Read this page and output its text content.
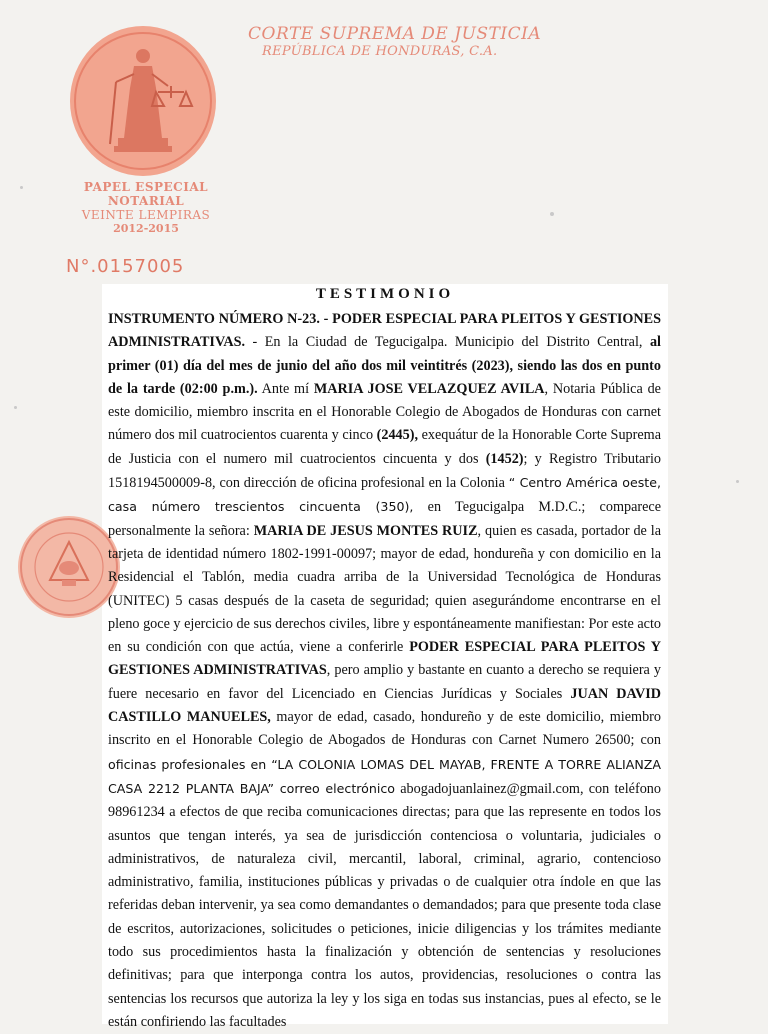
CORTE SUPREMA DE JUSTICIA
REPÚBLICA DE HONDURAS, C.A.
PAPEL ESPECIAL
NOTARIAL
VEINTE LEMPIRAS
2012-2015
N°.0157005
TESTIMONIO
INSTRUMENTO NÚMERO N-23. - PODER ESPECIAL PARA PLEITOS Y GESTIONES ADMINISTRATIVAS. - En la Ciudad de Tegucigalpa. Municipio del Distrito Central, al primer (01) día del mes de junio del año dos mil veintitrés (2023), siendo las dos en punto de la tarde (02:00 p.m.). Ante mí MARIA JOSE VELAZQUEZ AVILA, Notaria Pública de este domicilio, miembro inscrita en el Honorable Colegio de Abogados de Honduras con carnet número dos mil cuatrocientos cuarenta y cinco (2445), exequátur de la Honorable Corte Suprema de Justicia con el numero mil cuatrocientos cincuenta y dos (1452); y Registro Tributario 1518194500009-8, con dirección de oficina profesional en la Colonia “ Centro América oeste, casa número trescientos cincuenta (350), en Tegucigalpa M.D.C.; comparece personalmente la señora: MARIA DE JESUS MONTES RUIZ, quien es casada, portador de la tarjeta de identidad número 1802-1991-00097; mayor de edad, hondureña y con domicilio en la Residencial el Tablón, media cuadra arriba de la Universidad Tecnológica de Honduras (UNITEC) 5 casas después de la caseta de seguridad; quien asegurándome encontrarse en el pleno goce y ejercicio de sus derechos civiles, libre y espontáneamente manifiestan: Por este acto en su condición con que actúa, viene a conferirle PODER ESPECIAL PARA PLEITOS Y GESTIONES ADMINISTRATIVAS, pero amplio y bastante en cuanto a derecho se requiera y fuere necesario en favor del Licenciado en Ciencias Jurídicas y Sociales JUAN DAVID CASTILLO MANUELES, mayor de edad, casado, hondureño y de este domicilio, miembro inscrito en el Honorable Colegio de Abogados de Honduras con Carnet Numero 26500; con oficinas profesionales en “LA COLONIA LOMAS DEL MAYAB, FRENTE A TORRE ALIANZA CASA 2212 PLANTA BAJA” correo electrónico abogadojuanlainez@gmail.com, con teléfono 98961234 a efectos de que reciba comunicaciones directas; para que las represente en todos los asuntos que tengan interés, ya sea de jurisdicción contenciosa o voluntaria, judiciales o administrativos, de naturaleza civil, mercantil, laboral, criminal, agrario, contencioso administrativo, familia, instituciones públicas y privadas o de cualquier otra índole en que las referidas deban intervenir, ya sea como demandantes o demandados; para que presente toda clase de escritos, autorizaciones, solicitudes o peticiones, inicie diligencias y los trámites mediante todo sus procedimientos hasta la finalización y obtención de sentencias y resoluciones definitivas; para que interponga contra los autos, providencias, resoluciones o contra las sentencias los recursos que autoriza la ley y los siga en todas sus instancias, pues al efecto, se le están confiriendo las facultades
